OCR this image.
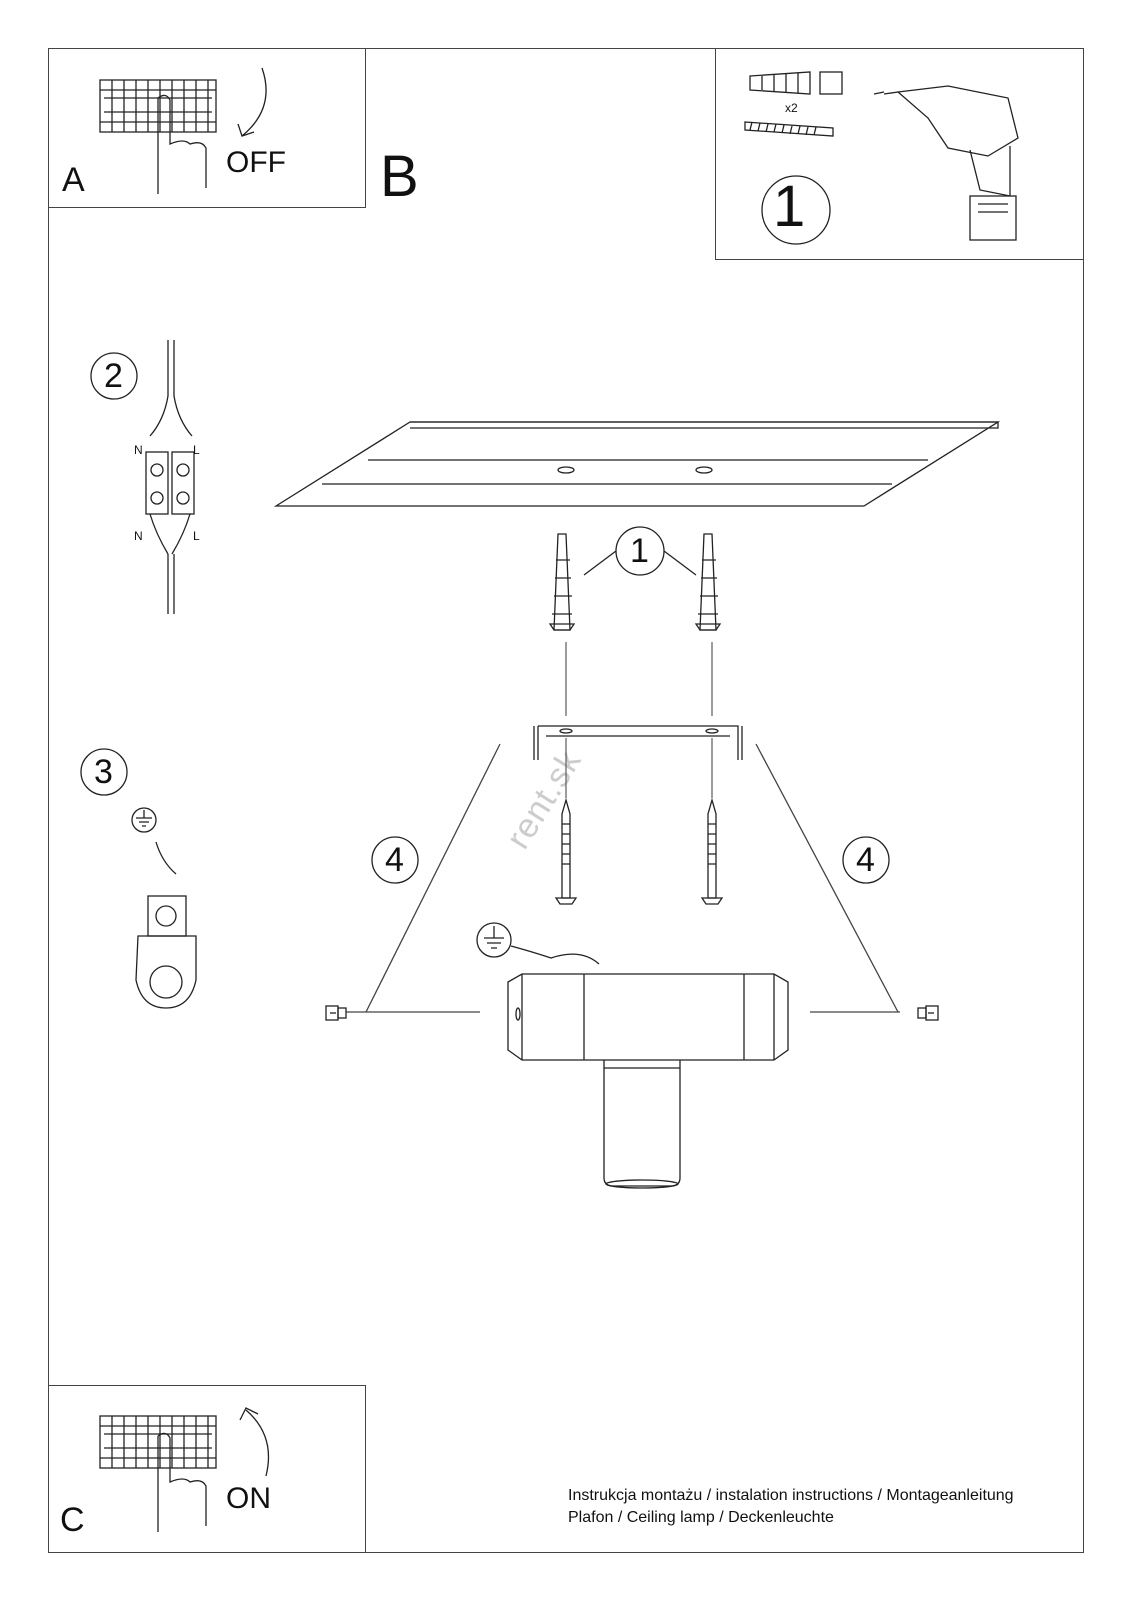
A	OFF B
x2
1
C
ON
rent.sk
2
3
1
4	4
N	L
N	L
Instrukcja montażu / instalation instructions / Montageanleitung
Plafon / Ceiling lamp / Deckenleuchte
